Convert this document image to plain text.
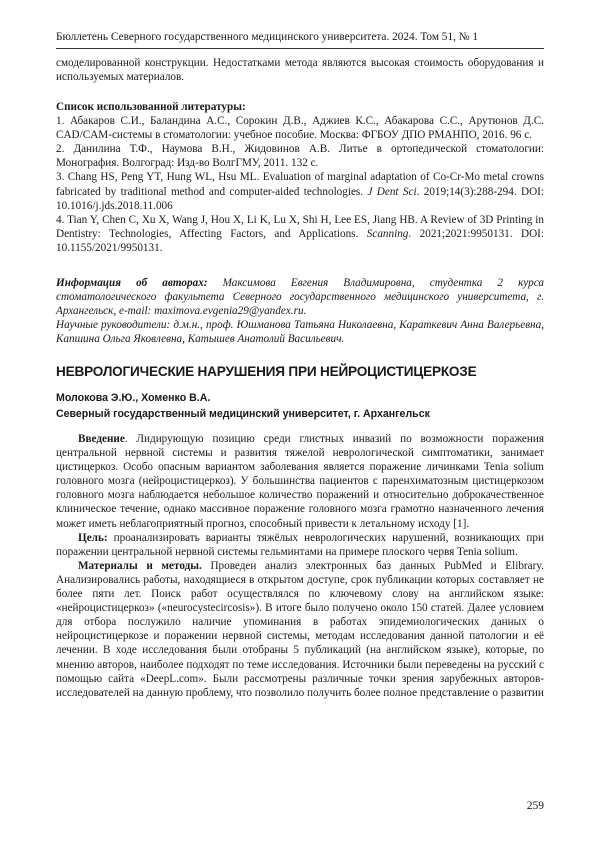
Бюллетень Северного государственного медицинского университета. 2024. Том 51, № 1

смоделированной конструкции. Недостатками метода являются высокая стоимость оборудования и используемых материалов.

Список использованной литературы:

1. Абакаров С.И., Баландина А.С., Сорокин Д.В., Аджиев К.С., Абакарова С.С., Арутюнов Д.С. CAD/CAM-системы в стоматологии: учебное пособие. Москва: ФГБОУ ДПО РМАНПО, 2016. 96 с.

2. Данилина Т.Ф., Наумова В.Н., Жидовинов А.В. Литье в ортопедической стоматологии: Монография. Волгоград: Изд-во ВолгГМУ, 2011. 132 с.

3. Chang HS, Peng YT, Hung WL, Hsu ML. Evaluation of marginal adaptation of Co-Cr-Mo metal crowns fabricated by traditional method and computer-aided technologies. J Dent Sci. 2019;14(3):288-294. DOI: 10.1016/j.jds.2018.11.006

4. Tian Y, Chen C, Xu X, Wang J, Hou X, Li K, Lu X, Shi H, Lee ES, Jiang HB. A Review of 3D Printing in Dentistry: Technologies, Affecting Factors, and Applications. Scanning. 2021;2021:9950131. DOI: 10.1155/2021/9950131.

Информация об авторах: Максимова Евгения Владимировна, студентка 2 курса стоматологического факультета Северного государственного медицинского университета, г. Архангельск, e-mail: maximova.evgenia29@yandex.ru.

Научные руководители: д.м.н., проф. Юшманова Татьяна Николаевна, Караткевич Анна Валерьевна, Капшина Ольга Яковлевна, Катышев Анатолий Васильевич.

НЕВРОЛОГИЧЕСКИЕ НАРУШЕНИЯ ПРИ НЕЙРОЦИСТИЦЕРКОЗЕ
Молокова Э.Ю., Хоменко В.А.
Северный государственный медицинский университет, г. Архангельск

Введение. Лидирующую позицию среди глистных инвазий по возможности поражения центральной нервной системы и развития тяжелой неврологической симптоматики, занимает цистицеркоз. Особо опасным вариантом заболевания является поражение личинками Tenia solium головного мозга (нейроцистицеркоз). У большинства пациентов с паренхиматозным цистицеркозом головного мозга наблюдается небольшое количество поражений и относительно доброкачественное клиническое течение, однако массивное поражение головного мозга грамотно назначенного лечения может иметь неблагоприятный прогноз, способный привести к летальному исходу [1].

Цель: проанализировать варианты тяжёлых неврологических нарушений, возникающих при поражении центральной нервной системы гельминтами на примере плоского червя Tenia solium.

Материалы и методы. Проведен анализ электронных баз данных PubMed и Elibrary. Анализировались работы, находящиеся в открытом доступе, срок публикации которых составляет не более пяти лет. Поиск работ осуществлялся по ключевому слову на английском языке: «нейроцистицеркоз» («neurocystecircosis»). В итоге было получено около 150 статей. Далее условием для отбора послужило наличие упоминания в работах эпидемиологических данных о нейроцистицеркозе и поражении нервной системы, методам исследования данной патологии и её лечении. В ходе исследования были отобраны 5 публикаций (на английском языке), которые, по мнению авторов, наиболее подходят по теме исследования. Источники были переведены на русский с помощью сайта «DeepL.com». Были рассмотрены различные точки зрения зарубежных авторов-исследователей на данную проблему, что позволило получить более полное представление о развитии

259
